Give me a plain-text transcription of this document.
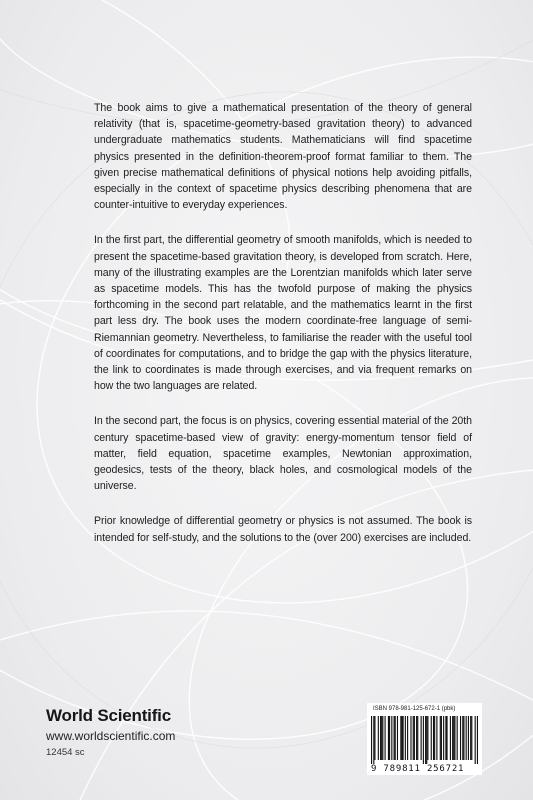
The book aims to give a mathematical presentation of the theory of general relativity (that is, spacetime-geometry-based gravitation theory) to advanced undergraduate mathematics students. Mathematicians will find spacetime physics presented in the definition-theorem-proof format familiar to them. The given precise mathematical definitions of physical notions help avoiding pitfalls, especially in the context of spacetime physics describing phenomena that are counter-intuitive to everyday experiences.

In the first part, the differential geometry of smooth manifolds, which is needed to present the spacetime-based gravitation theory, is developed from scratch. Here, many of the illustrating examples are the Lorentzian manifolds which later serve as spacetime models. This has the twofold purpose of making the physics forthcoming in the second part relatable, and the mathematics learnt in the first part less dry. The book uses the modern coordinate-free language of semi-Riemannian geometry. Nevertheless, to familiarise the reader with the useful tool of coordinates for computations, and to bridge the gap with the physics literature, the link to coordinates is made through exercises, and via frequent remarks on how the two languages are related.

In the second part, the focus is on physics, covering essential material of the 20th century spacetime-based view of gravity: energy-momentum tensor field of matter, field equation, spacetime examples, Newtonian approximation, geodesics, tests of the theory, black holes, and cosmological models of the universe.

Prior knowledge of differential geometry or physics is not assumed. The book is intended for self-study, and the solutions to the (over 200) exercises are included.

World Scientific
www.worldscientific.com
12454 sc
ISBN 978-981-125-672-1 (pbk)
9 789811 256721
